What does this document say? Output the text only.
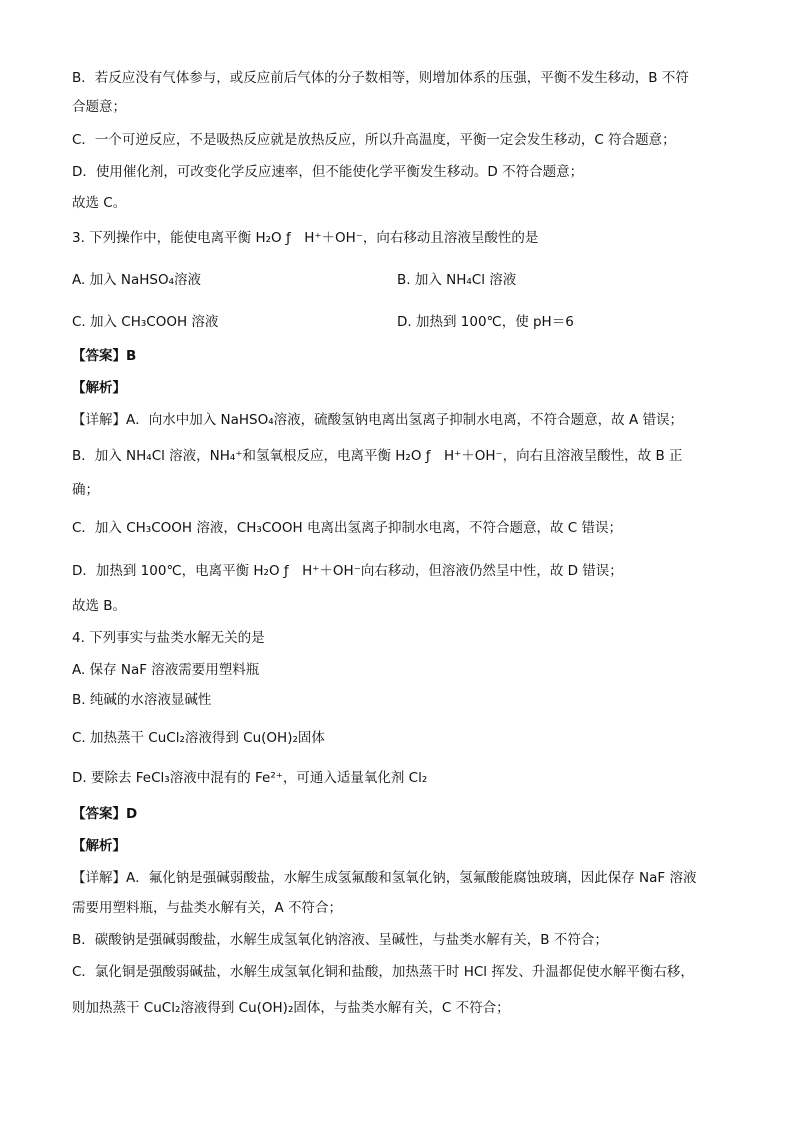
B．若反应没有气体参与，或反应前后气体的分子数相等，则增加体系的压强，平衡不发生移动，B 不符
合题意；
C．一个可逆反应，不是吸热反应就是放热反应，所以升高温度，平衡一定会发生移动，C 符合题意；
D．使用催化剂，可改变化学反应速率，但不能使化学平衡发生移动。D 不符合题意；
故选 C。
3. 下列操作中，能使电离平衡 H₂O ƒ　H⁺＋OH⁻，向右移动且溶液呈酸性的是
A. 加入 NaHSO₄溶液	B. 加入 NH₄Cl 溶液
C. 加入 CH₃COOH 溶液	D. 加热到 100℃，使 pH＝6
【答案】B
【解析】
【详解】A．向水中加入 NaHSO₄溶液，硫酸氢钠电离出氢离子抑制水电离，不符合题意，故 A 错误；
B．加入 NH₄Cl 溶液，NH₄⁺和氢氧根反应，电离平衡 H₂O ƒ　H⁺＋OH⁻，向右且溶液呈酸性，故 B 正
确；
C．加入 CH₃COOH 溶液，CH₃COOH 电离出氢离子抑制水电离，不符合题意，故 C 错误；
D．加热到 100℃，电离平衡 H₂O ƒ　H⁺＋OH⁻向右移动，但溶液仍然呈中性，故 D 错误；
故选 B。
4. 下列事实与盐类水解无关的是
A. 保存 NaF 溶液需要用塑料瓶
B. 纯碱的水溶液显碱性
C. 加热蒸干 CuCl₂溶液得到 Cu(OH)₂固体
D. 要除去 FeCl₃溶液中混有的 Fe²⁺，可通入适量氧化剂 Cl₂
【答案】D
【解析】
【详解】A．氟化钠是强碱弱酸盐，水解生成氢氟酸和氢氧化钠，氢氟酸能腐蚀玻璃，因此保存 NaF 溶液
需要用塑料瓶，与盐类水解有关，A 不符合；
B．碳酸钠是强碱弱酸盐，水解生成氢氧化钠溶液、呈碱性，与盐类水解有关，B 不符合；
C．氯化铜是强酸弱碱盐，水解生成氢氧化铜和盐酸，加热蒸干时 HCl 挥发、升温都促使水解平衡右移，
则加热蒸干 CuCl₂溶液得到 Cu(OH)₂固体，与盐类水解有关，C 不符合；
